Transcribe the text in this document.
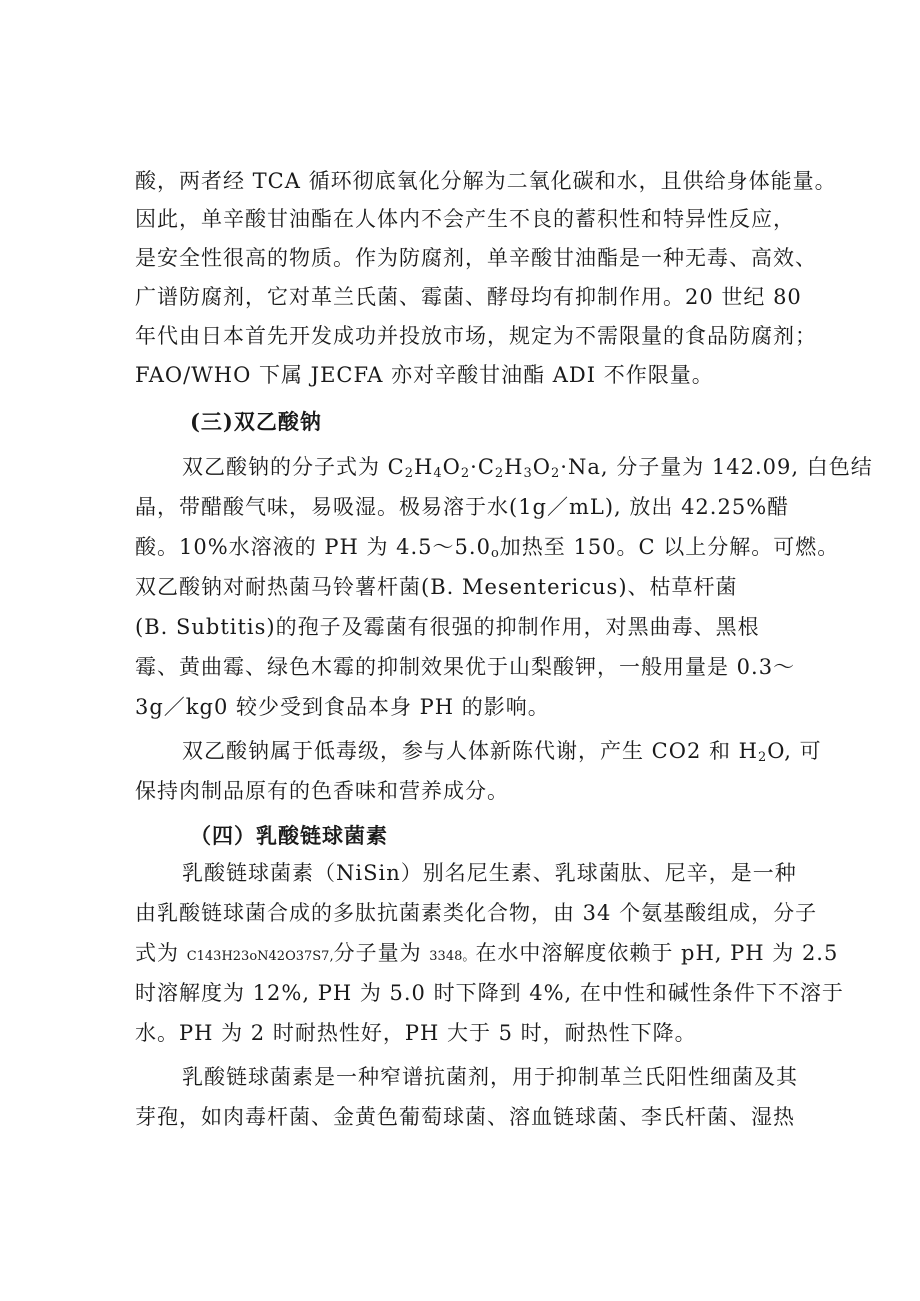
酸，两者经 TCA 循环彻底氧化分解为二氧化碳和水，且供给身体能量。
因此，单辛酸甘油酯在人体内不会产生不良的蓄积性和特异性反应，
是安全性很高的物质。作为防腐剂，单辛酸甘油酯是一种无毒、高效、
广谱防腐剂，它对革兰氏菌、霉菌、酵母均有抑制作用。20 世纪 80
年代由日本首先开发成功并投放市场，规定为不需限量的食品防腐剂；
FAO/WHO 下属 JECFA 亦对辛酸甘油酯 ADI 不作限量。
(三)双乙酸钠
双乙酸钠的分子式为 $C_2H_4O_2\cdot C_2H_3O_2\cdot Na$, 分子量为 142.09, 白色结
晶，带醋酸气味，易吸湿。极易溶于水(1g／mL), 放出 42.25%醋
酸。10%水溶液的 PH 为 $4.5\sim 5.0_o$加热至 150。C 以上分解。可燃。
双乙酸钠对耐热菌马铃薯杆菌(B. Mesentericus)、枯草杆菌
(B. Subtitis)的孢子及霉菌有很强的抑制作用，对黑曲毒、黑根
霉、黄曲霉、绿色木霉的抑制效果优于山梨酸钾，一般用量是 0.3～
3g／kg0 较少受到食品本身 PH 的影响。
双乙酸钠属于低毒级，参与人体新陈代谢，产生 CO2 和 $H_2O$, 可
保持肉制品原有的色香味和营养成分。
（四）乳酸链球菌素
乳酸链球菌素（NiSin）别名尼生素、乳球菌肽、尼辛，是一种
由乳酸链球菌合成的多肽抗菌素类化合物，由 34 个氨基酸组成，分子
式为 C143H23oN42O37S7,分子量为 3348。在水中溶解度依赖于 pH, PH 为 2.5
时溶解度为 12%, PH 为 5.0 时下降到 4%, 在中性和碱性条件下不溶于
水。PH 为 2 时耐热性好，PH 大于 5 时，耐热性下降。
乳酸链球菌素是一种窄谱抗菌剂，用于抑制革兰氏阳性细菌及其
芽孢，如肉毒杆菌、金黄色葡萄球菌、溶血链球菌、李氏杆菌、湿热
